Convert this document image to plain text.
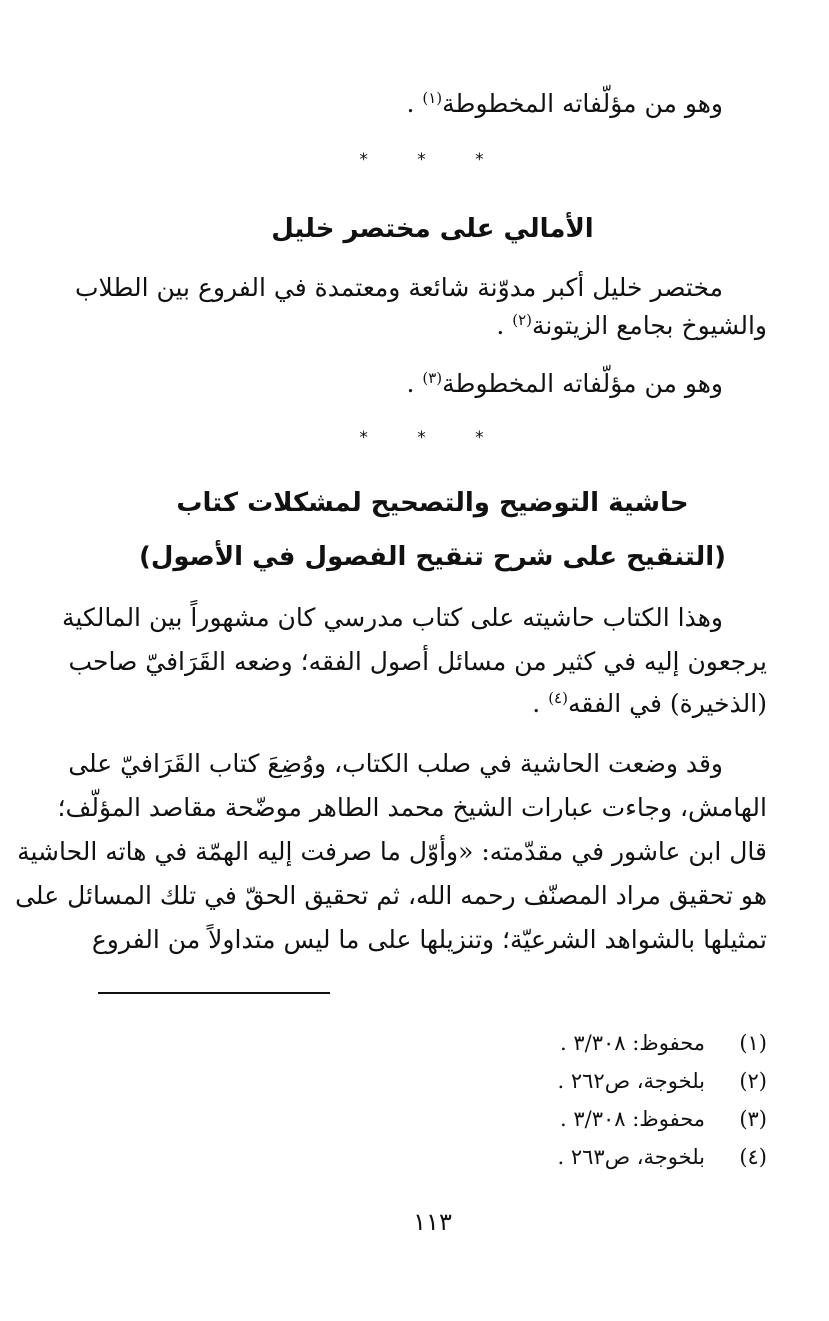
وهو من مؤلّفاته المخطوطة$^{(١)}$ .
* * *
الأمالي على مختصر خليل
مختصر خليل أكبر مدوّنة شائعة ومعتمدة في الفروع بين الطلاب
والشيوخ بجامع الزيتونة$^{(٢)}$ .
وهو من مؤلّفاته المخطوطة$^{(٣)}$ .
* * *
حاشية التوضيح والتصحيح لمشكلات كتاب
(التنقيح على شرح تنقيح الفصول في الأصول)
وهذا الكتاب حاشيته على كتاب مدرسي كان مشهوراً بين المالكية
يرجعون إليه في كثير من مسائل أصول الفقه؛ وضعه القَرَافيّ صاحب
(الذخيرة) في الفقه$^{(٤)}$ .
وقد وضعت الحاشية في صلب الكتاب، ووُضِعَ كتاب القَرَافيّ على
الهامش، وجاءت عبارات الشيخ محمد الطاهر موضّحة مقاصد المؤلّف؛
قال ابن عاشور في مقدّمته: «وأوّل ما صرفت إليه الهمّة في هاته الحاشية
هو تحقيق مراد المصنّف رحمه الله، ثم تحقيق الحقّ في تلك المسائل على
تمثيلها بالشواهد الشرعيّة؛ وتنزيلها على ما ليس متداولاً من الفروع
(١)محفوظ: ٣/٣٠٨ .
(٢)بلخوجة، ص٢٦٢ .
(٣)محفوظ: ٣/٣٠٨ .
(٤)بلخوجة، ص٢٦٣ .
١١٣
